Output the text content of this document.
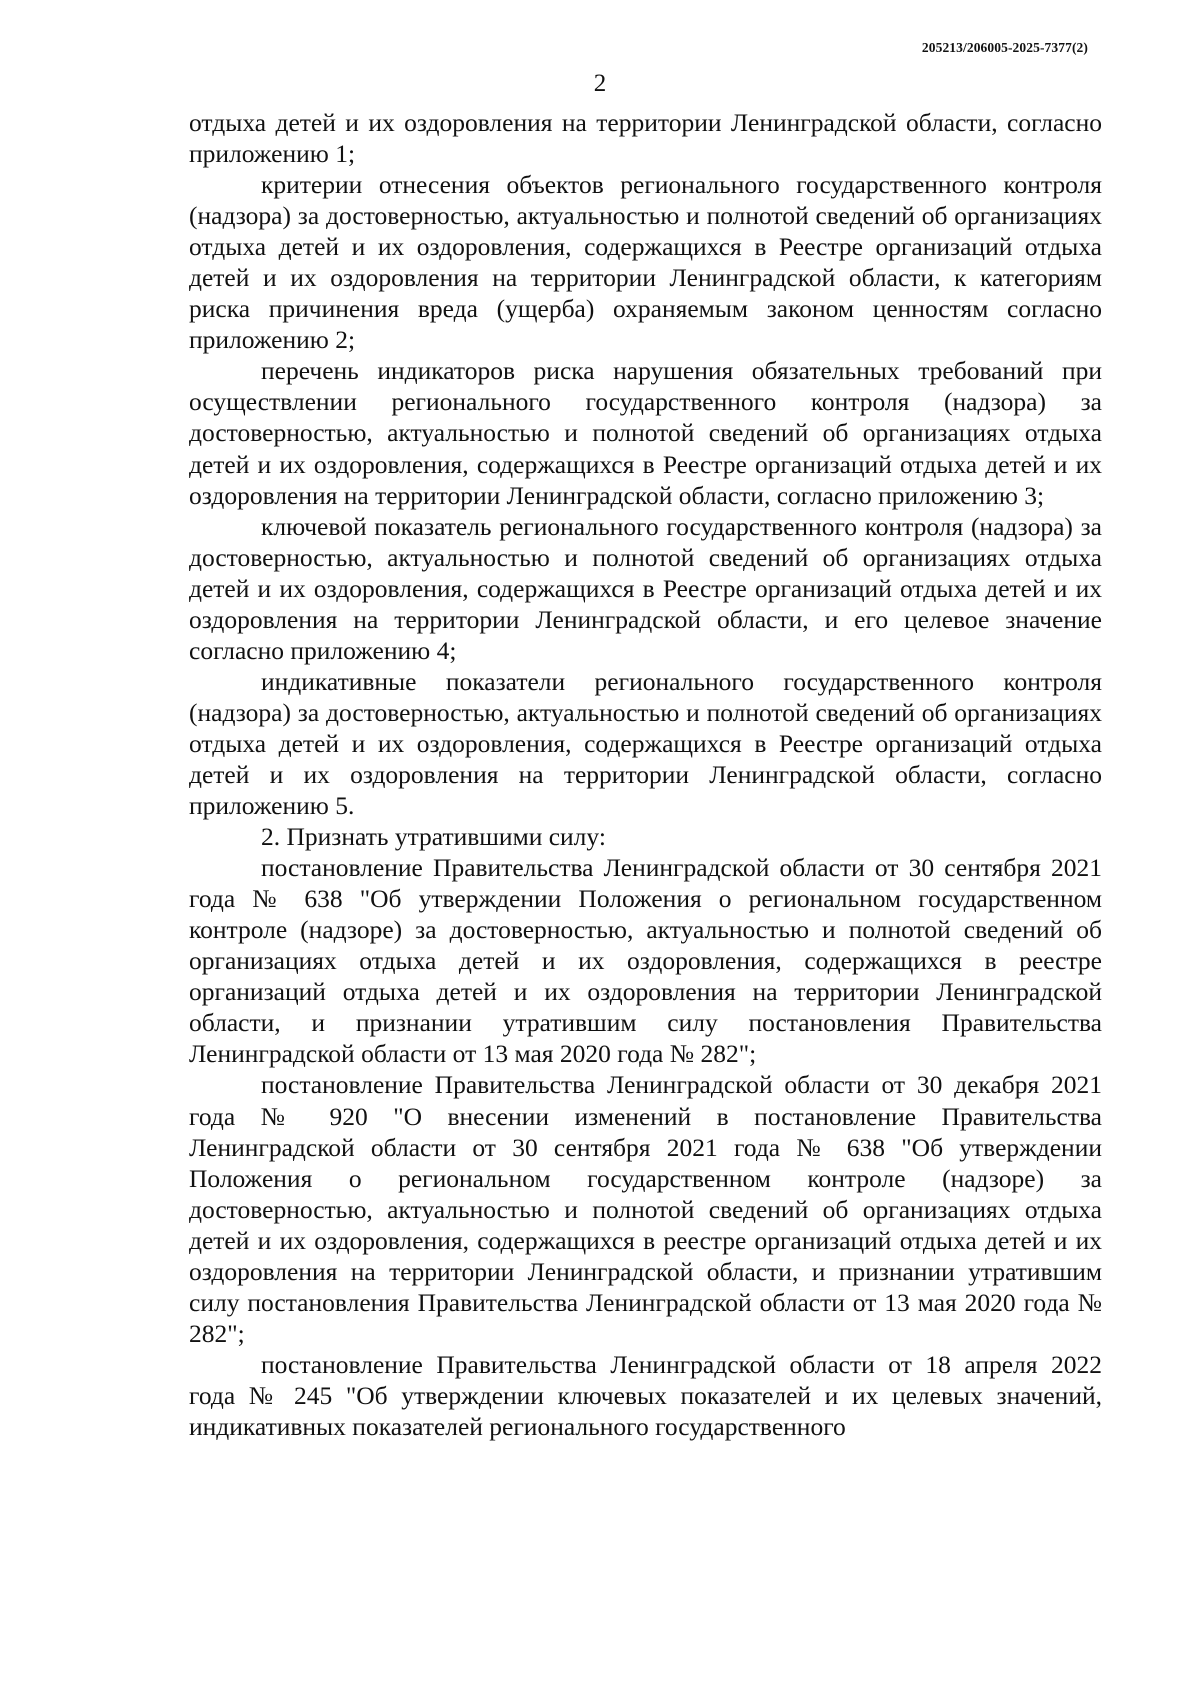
205213/206005-2025-7377(2)

2

отдыха детей и их оздоровления на территории Ленинградской области, согласно приложению 1;

критерии отнесения объектов регионального государственного контроля (надзора) за достоверностью, актуальностью и полнотой сведений об организациях отдыха детей и их оздоровления, содержащихся в Реестре организаций отдыха детей и их оздоровления на территории Ленинградской области, к категориям риска причинения вреда (ущерба) охраняемым законом ценностям согласно приложению 2;

перечень индикаторов риска нарушения обязательных требований при осуществлении регионального государственного контроля (надзора) за достоверностью, актуальностью и полнотой сведений об организациях отдыха детей и их оздоровления, содержащихся в Реестре организаций отдыха детей и их оздоровления на территории Ленинградской области, согласно приложению 3;

ключевой показатель регионального государственного контроля (надзора) за достоверностью, актуальностью и полнотой сведений об организациях отдыха детей и их оздоровления, содержащихся в Реестре организаций отдыха детей и их оздоровления на территории Ленинградской области, и его целевое значение согласно приложению 4;

индикативные показатели регионального государственного контроля (надзора) за достоверностью, актуальностью и полнотой сведений об организациях отдыха детей и их оздоровления, содержащихся в Реестре организаций отдыха детей и их оздоровления на территории Ленинградской области, согласно приложению 5.

2. Признать утратившими силу:

постановление Правительства Ленинградской области от 30 сентября 2021 года № 638 "Об утверждении Положения о региональном государственном контроле (надзоре) за достоверностью, актуальностью и полнотой сведений об организациях отдыха детей и их оздоровления, содержащихся в реестре организаций отдыха детей и их оздоровления на территории Ленинградской области, и признании утратившим силу постановления Правительства Ленинградской области от 13 мая 2020 года № 282";

постановление Правительства Ленинградской области от 30 декабря 2021 года № 920 "О внесении изменений в постановление Правительства Ленинградской области от 30 сентября 2021 года № 638 "Об утверждении Положения о региональном государственном контроле (надзоре) за достоверностью, актуальностью и полнотой сведений об организациях отдыха детей и их оздоровления, содержащихся в реестре организаций отдыха детей и их оздоровления на территории Ленинградской области, и признании утратившим силу постановления Правительства Ленинградской области от 13 мая 2020 года № 282";

постановление Правительства Ленинградской области от 18 апреля 2022 года № 245 "Об утверждении ключевых показателей и их целевых значений, индикативных показателей регионального государственного
